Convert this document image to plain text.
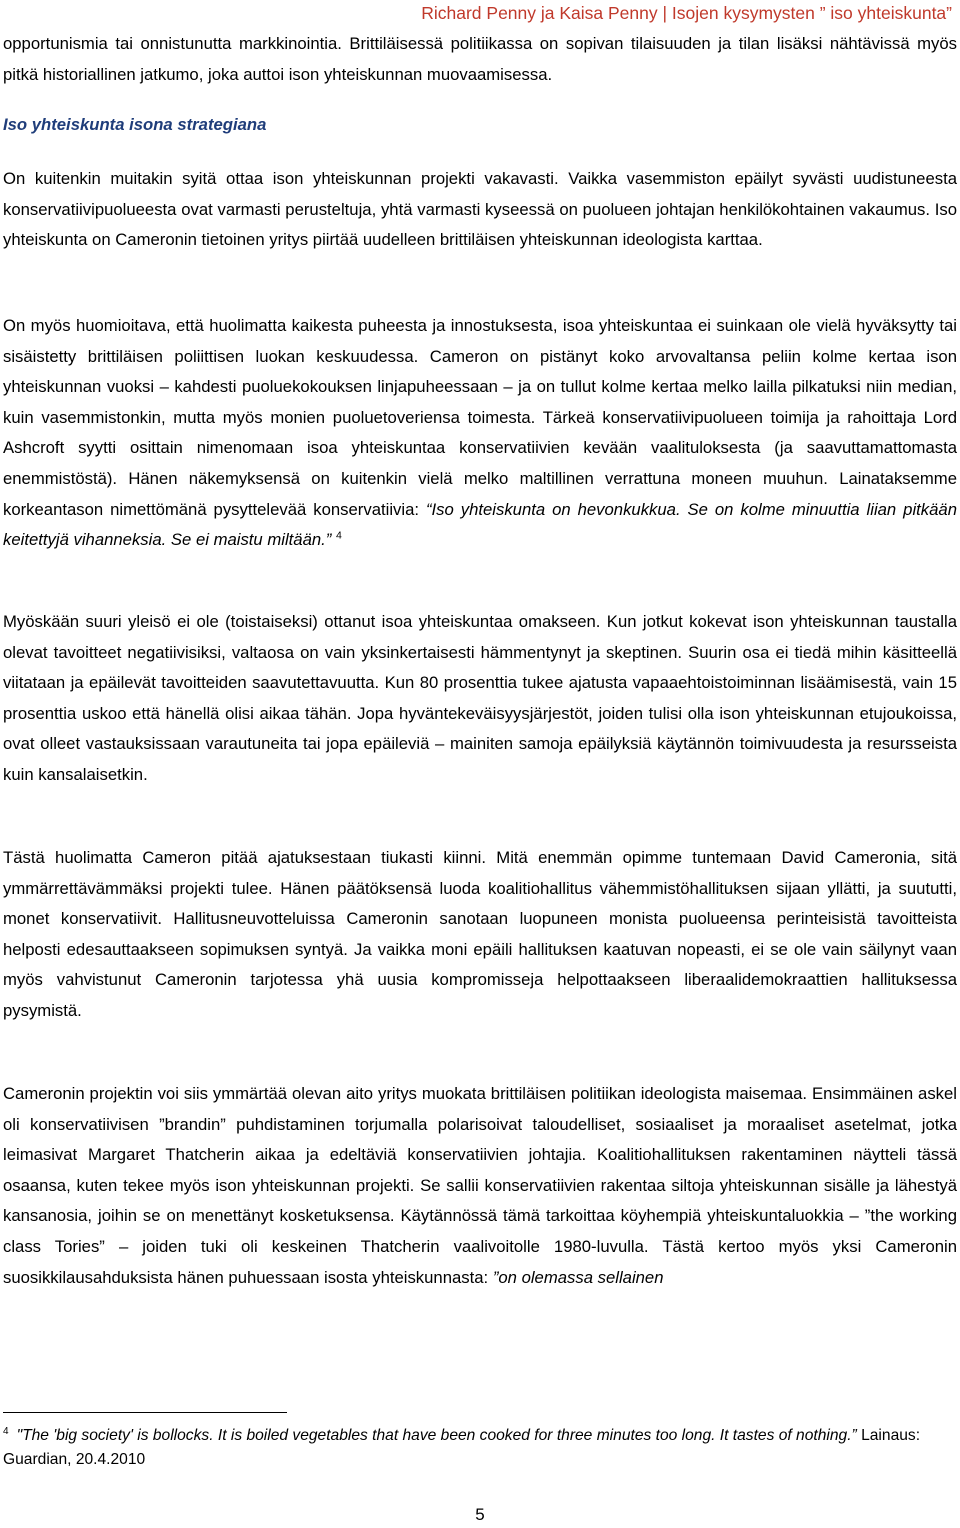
Richard Penny ja Kaisa Penny | Isojen kysymysten ” iso yhteiskunta”

opportunismia tai onnistunutta markkinointia. Brittiläisessä politiikassa on sopivan tilaisuuden ja tilan lisäksi nähtävissä myös pitkä historiallinen jatkumo, joka auttoi ison yhteiskunnan muovaamisessa.

Iso yhteiskunta isona strategiana

On kuitenkin muitakin syitä ottaa ison yhteiskunnan projekti vakavasti. Vaikka vasemmiston epäilyt syvästi uudistuneesta konservatiivipuolueesta ovat varmasti perusteltuja, yhtä varmasti kyseessä on puolueen johtajan henkilökohtainen vakaumus. Iso yhteiskunta on Cameronin tietoinen yritys piirtää uudelleen brittiläisen yhteiskunnan ideologista karttaa.

On myös huomioitava, että huolimatta kaikesta puheesta ja innostuksesta, isoa yhteiskuntaa ei suinkaan ole vielä hyväksytty tai sisäistetty brittiläisen poliittisen luokan keskuudessa. Cameron on pistänyt koko arvovaltansa peliin kolme kertaa ison yhteiskunnan vuoksi – kahdesti puoluekokouksen linjapuheessaan – ja on tullut kolme kertaa melko lailla pilkatuksi niin median, kuin vasemmistonkin, mutta myös monien puoluetoveriensa toimesta. Tärkeä konservatiivipuolueen toimija ja rahoittaja Lord Ashcroft syytti osittain nimenomaan isoa yhteiskuntaa konservatiivien kevään vaalituloksesta (ja saavuttamattomasta enemmistöstä). Hänen näkemyksensä on kuitenkin vielä melko maltillinen verrattuna moneen muuhun. Lainataksemme korkeantason nimettömänä pysyttelevää konservatiivia: “Iso yhteiskunta on hevonkukkua. Se on kolme minuuttia liian pitkään keitettyjä vihanneksia. Se ei maistu miltään.” $^4$

Myöskään suuri yleisö ei ole (toistaiseksi) ottanut isoa yhteiskuntaa omakseen. Kun jotkut kokevat ison yhteiskunnan taustalla olevat tavoitteet negatiivisiksi, valtaosa on vain yksinkertaisesti hämmentynyt ja skeptinen. Suurin osa ei tiedä mihin käsitteellä viitataan ja epäilevät tavoitteiden saavutettavuutta. Kun 80 prosenttia tukee ajatusta vapaaehtoistoiminnan lisäämisestä, vain 15 prosenttia uskoo että hänellä olisi aikaa tähän. Jopa hyväntekeväisyysjärjestöt, joiden tulisi olla ison yhteiskunnan etujoukoissa, ovat olleet vastauksissaan varautuneita tai jopa epäileviä – mainiten samoja epäilyksiä käytännön toimivuudesta ja resursseista kuin kansalaisetkin.

Tästä huolimatta Cameron pitää ajatuksestaan tiukasti kiinni. Mitä enemmän opimme tuntemaan David Cameronia, sitä ymmärrettävämmäksi projekti tulee. Hänen päätöksensä luoda koalitiohallitus vähemmistöhallituksen sijaan yllätti, ja suututti, monet konservatiivit. Hallitusneuvotteluissa Cameronin sanotaan luopuneen monista puolueensa perinteisistä tavoitteista helposti edesauttaakseen sopimuksen syntyä. Ja vaikka moni epäili hallituksen kaatuvan nopeasti, ei se ole vain säilynyt vaan myös vahvistunut Cameronin tarjotessa yhä uusia kompromisseja helpottaakseen liberaalidemokraattien hallituksessa pysymistä.

Cameronin projektin voi siis ymmärtää olevan aito yritys muokata brittiläisen politiikan ideologista maisemaa. Ensimmäinen askel oli konservatiivisen ”brandin” puhdistaminen torjumalla polarisoivat taloudelliset, sosiaaliset ja moraaliset asetelmat, jotka leimasivat Margaret Thatcherin aikaa ja edeltäviä konservatiivien johtajia. Koalitiohallituksen rakentaminen näytteli tässä osaansa, kuten tekee myös ison yhteiskunnan projekti. Se sallii konservatiivien rakentaa siltoja yhteiskunnan sisälle ja lähestyä kansanosia, joihin se on menettänyt kosketuksensa. Käytännössä tämä tarkoittaa köyhempiä yhteiskuntaluokkia – ”the working class Tories” – joiden tuki oli keskeinen Thatcherin vaalivoitolle 1980-luvulla. Tästä kertoo myös yksi Cameronin suosikkilausahduksista hänen puhuessaan isosta yhteiskunnasta: ”on olemassa sellainen

$^4$ "The 'big society' is bollocks. It is boiled vegetables that have been cooked for three minutes too long. It tastes of nothing.” Lainaus: Guardian, 20.4.2010

5
